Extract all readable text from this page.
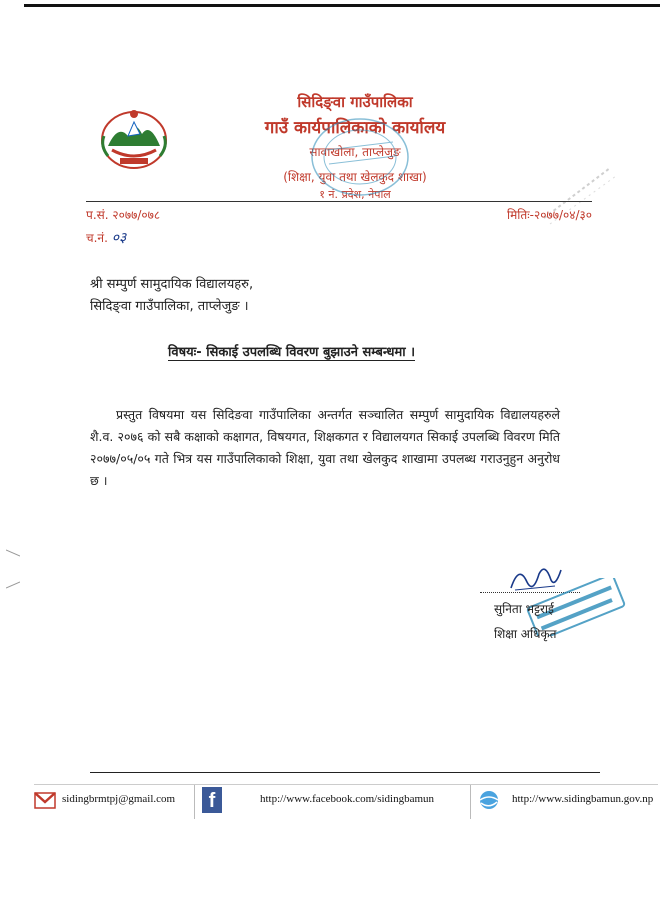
सिदिङ्वा गाउँपालिका
गाउँ कार्यपालिकाको कार्यालय
सावाखोला, ताप्लेजुङ
(शिक्षा, युवा तथा खेलकुद शाखा)
१ नं. प्रदेश, नेपाल
प.सं. २०७७/०७८	मितिः-२०७७/०४/३०
च.नं. ०३
श्री सम्पुर्ण सामुदायिक विद्यालयहरु,
सिदिङ्वा गाउँपालिका, ताप्लेजुङ ।
विषयः- सिकाई उपलब्धि विवरण बुझाउने सम्बन्धमा ।
प्रस्तुत विषयमा यस सिदिङवा गाउँपालिका अन्तर्गत सञ्चालित सम्पुर्ण सामुदायिक विद्यालयहरुले शै.व. २०७६ को सबै कक्षाको कक्षागत, विषयगत, शिक्षकगत र विद्यालयगत सिकाई उपलब्धि विवरण मिति २०७७/०५/०५ गते भित्र यस गाउँपालिकाको शिक्षा, युवा तथा खेलकुद शाखामा उपलब्ध गराउनुहुन अनुरोध छ ।
सुनिता भट्टराई
शिक्षा अधिकृत
sidingbrmtpj@gmail.com	f	http://www.facebook.com/sidingbamun	http://www.sidingbamun.gov.np
